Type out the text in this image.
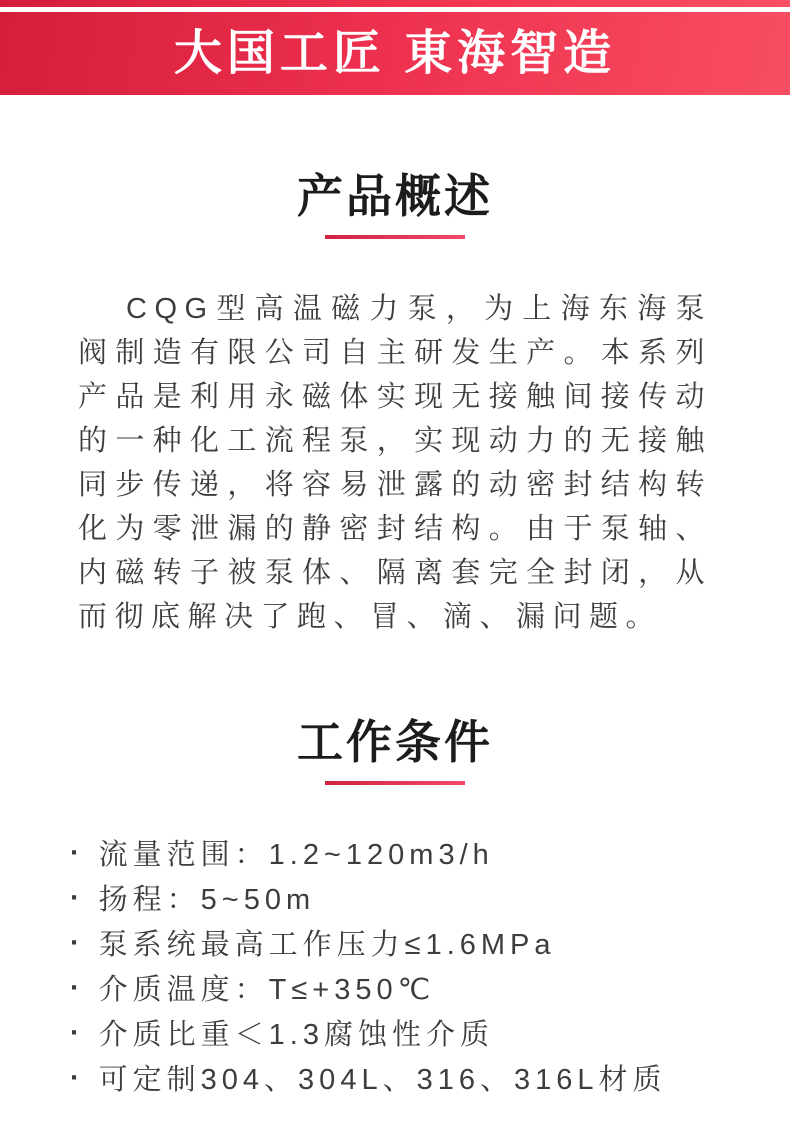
大国工匠 東海智造
产品概述

CQG型高温磁力泵，为上海东海泵阀制造有限公司自主研发生产。本系列产品是利用永磁体实现无接触间接传动的一种化工流程泵，实现动力的无接触同步传递，将容易泄露的动密封结构转化为零泄漏的静密封结构。由于泵轴、内磁转子被泵体、隔离套完全封闭，从而彻底解决了跑、冒、滴、漏问题。

工作条件
· 流量范围：1.2~120m3/h
· 扬程：5~50m
· 泵系统最高工作压力≤1.6MPa
· 介质温度：T≤+350℃
· 介质比重＜1.3腐蚀性介质
· 可定制304、304L、316、316L材质
